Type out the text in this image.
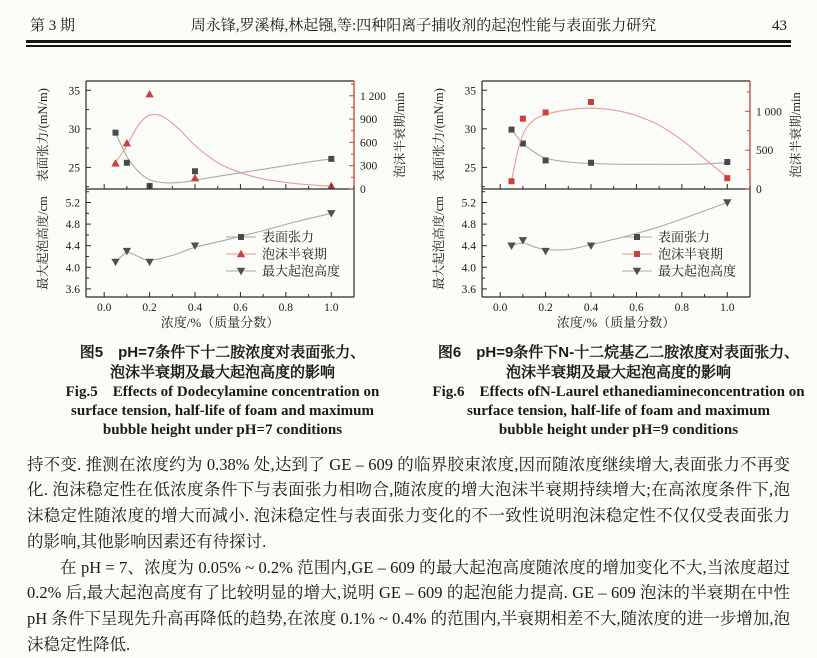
第 3 期	周永锋,罗溪梅,林起镪,等:四种阳离子捕收剂的起泡性能与表面张力研究	43
0.0	0.2	0.4	0.6	0.8	1.0
25
30
35
表面张力/(mN/m)
0
300
600
900
1 200 泡沫半衰期/min
3.6
4.0
4.4
4.8
5.2
最大起泡高度/cm
浓度/%（质量分数）
表面张力
泡沫半衰期
最大起泡高度
图5　pH=7条件下十二胺浓度对表面张力、
泡沫半衰期及最大起泡高度的影响
Fig.5　Effects of Dodecylamine concentration on
surface tension, half-life of foam and maximum
bubble height under pH=7 conditions
0.0	0.2	0.4	0.6	0.8	1.0
25
30
35
表面张力/(mN/m)
0
500
1 000 泡沫半衰期/min
3.6
4.0
4.4
4.8
5.2
最大起泡高度/cm
浓度/%（质量分数）
表面张力
泡沫半衰期
最大起泡高度
图6　pH=9条件下N-十二烷基乙二胺浓度对表面张力、
泡沫半衰期及最大起泡高度的影响
Fig.6　Effects ofN-Laurel ethanediamineconcentration on
surface tension, half-life of foam and maximum
bubble height under pH=9 conditions

持不变. 推测在浓度约为 0.38% 处,达到了 GE – 609 的临界胶束浓度,因而随浓度继续增大,表面张力不再变化. 泡沫稳定性在低浓度条件下与表面张力相吻合,随浓度的增大泡沫半衰期持续增大;在高浓度条件下,泡沫稳定性随浓度的增大而减小. 泡沫稳定性与表面张力变化的不一致性说明泡沫稳定性不仅仅受表面张力的影响,其他影响因素还有待探讨.

在 pH = 7、浓度为 0.05% ~ 0.2% 范围内,GE – 609 的最大起泡高度随浓度的增加变化不大,当浓度超过 0.2% 后,最大起泡高度有了比较明显的增大,说明 GE – 609 的起泡能力提高. GE – 609 泡沫的半衰期在中性 pH 条件下呈现先升高再降低的趋势,在浓度 0.1% ~ 0.4% 的范围内,半衰期相差不大,随浓度的进一步增加,泡沫稳定性降低.
